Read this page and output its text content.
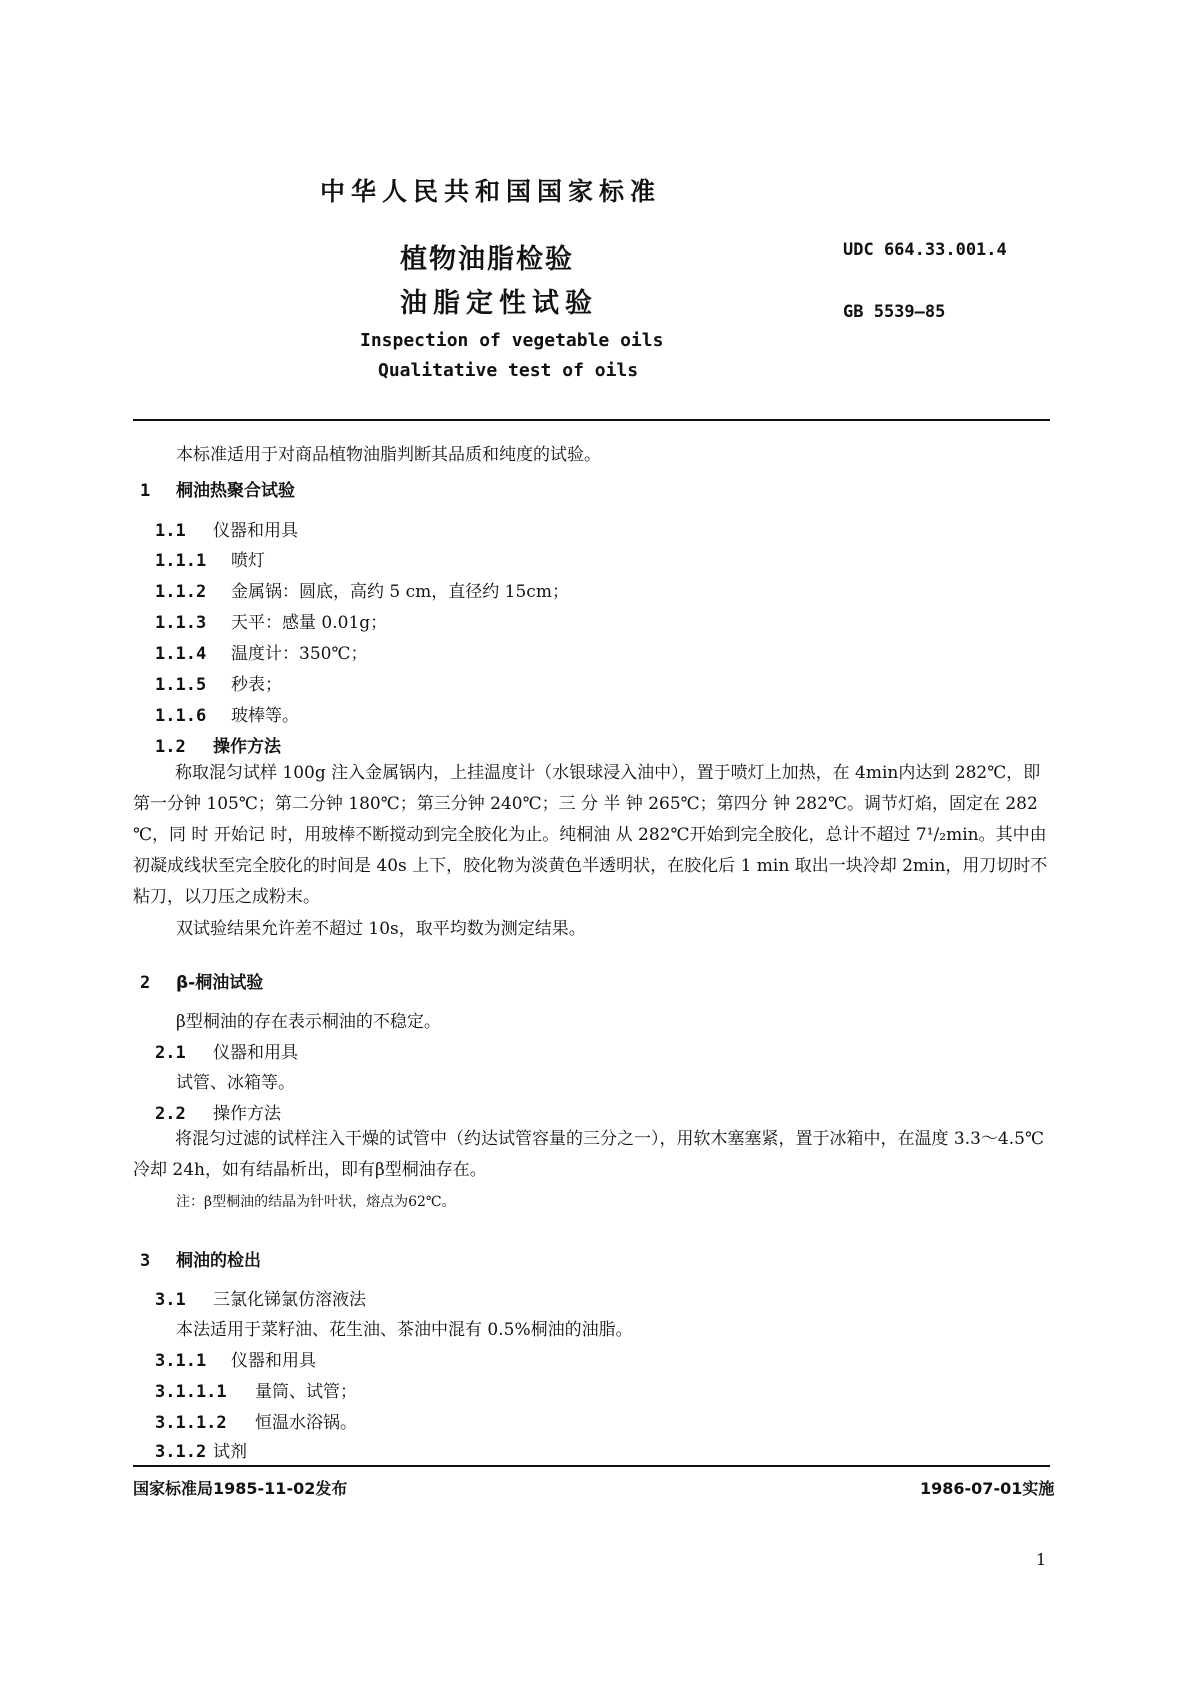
中华人民共和国国家标准
植物油脂检验
油脂定性试验
Inspection of vegetable oils
Qualitative test of oils
UDC 664.33.001.4
GB 5539—85
本标准适用于对商品植物油脂判断其品质和纯度的试验。
1 桐油热聚合试验
1.1 仪器和用具
1.1.1 喷灯
1.1.2 金属锅：圆底，高约 5 cm，直径约 15cm；
1.1.3 天平：感量 0.01g；
1.1.4 温度计：350℃；
1.1.5 秒表；
1.1.6 玻棒等。
1.2 操作方法
称取混匀试样 100g 注入金属锅内，上挂温度计（水银球浸入油中），置于喷灯上加热，在 4min内达到 282℃，即第一分钟 105℃；第二分钟 180℃；第三分钟 240℃；三 分 半 钟 265℃；第四分 钟 282℃。调节灯焰，固定在 282 ℃，同 时 开始记 时，用玻棒不断搅动到完全胶化为止。纯桐油 从 282℃开始到完全胶化，总计不超过 7¹/₂min。其中由初凝成线状至完全胶化的时间是 40s 上下，胶化物为淡黄色半透明状，在胶化后 1 min 取出一块冷却 2min，用刀切时不粘刀，以刀压之成粉末。
双试验结果允许差不超过 10s，取平均数为测定结果。
2 β-桐油试验
β型桐油的存在表示桐油的不稳定。
2.1 仪器和用具
试管、冰箱等。
2.2 操作方法
将混匀过滤的试样注入干燥的试管中（约达试管容量的三分之一），用软木塞塞紧，置于冰箱中，在温度 3.3～4.5℃冷却 24h，如有结晶析出，即有β型桐油存在。
注：β型桐油的结晶为针叶状，熔点为62℃。
3 桐油的检出
3.1 三氯化锑氯仿溶液法
本法适用于菜籽油、花生油、茶油中混有 0.5%桐油的油脂。
3.1.1 仪器和用具
3.1.1.1 量筒、试管；
3.1.1.2 恒温水浴锅。
3.1.2 试剂
国家标准局1985-11-02发布	1986-07-01实施
1
